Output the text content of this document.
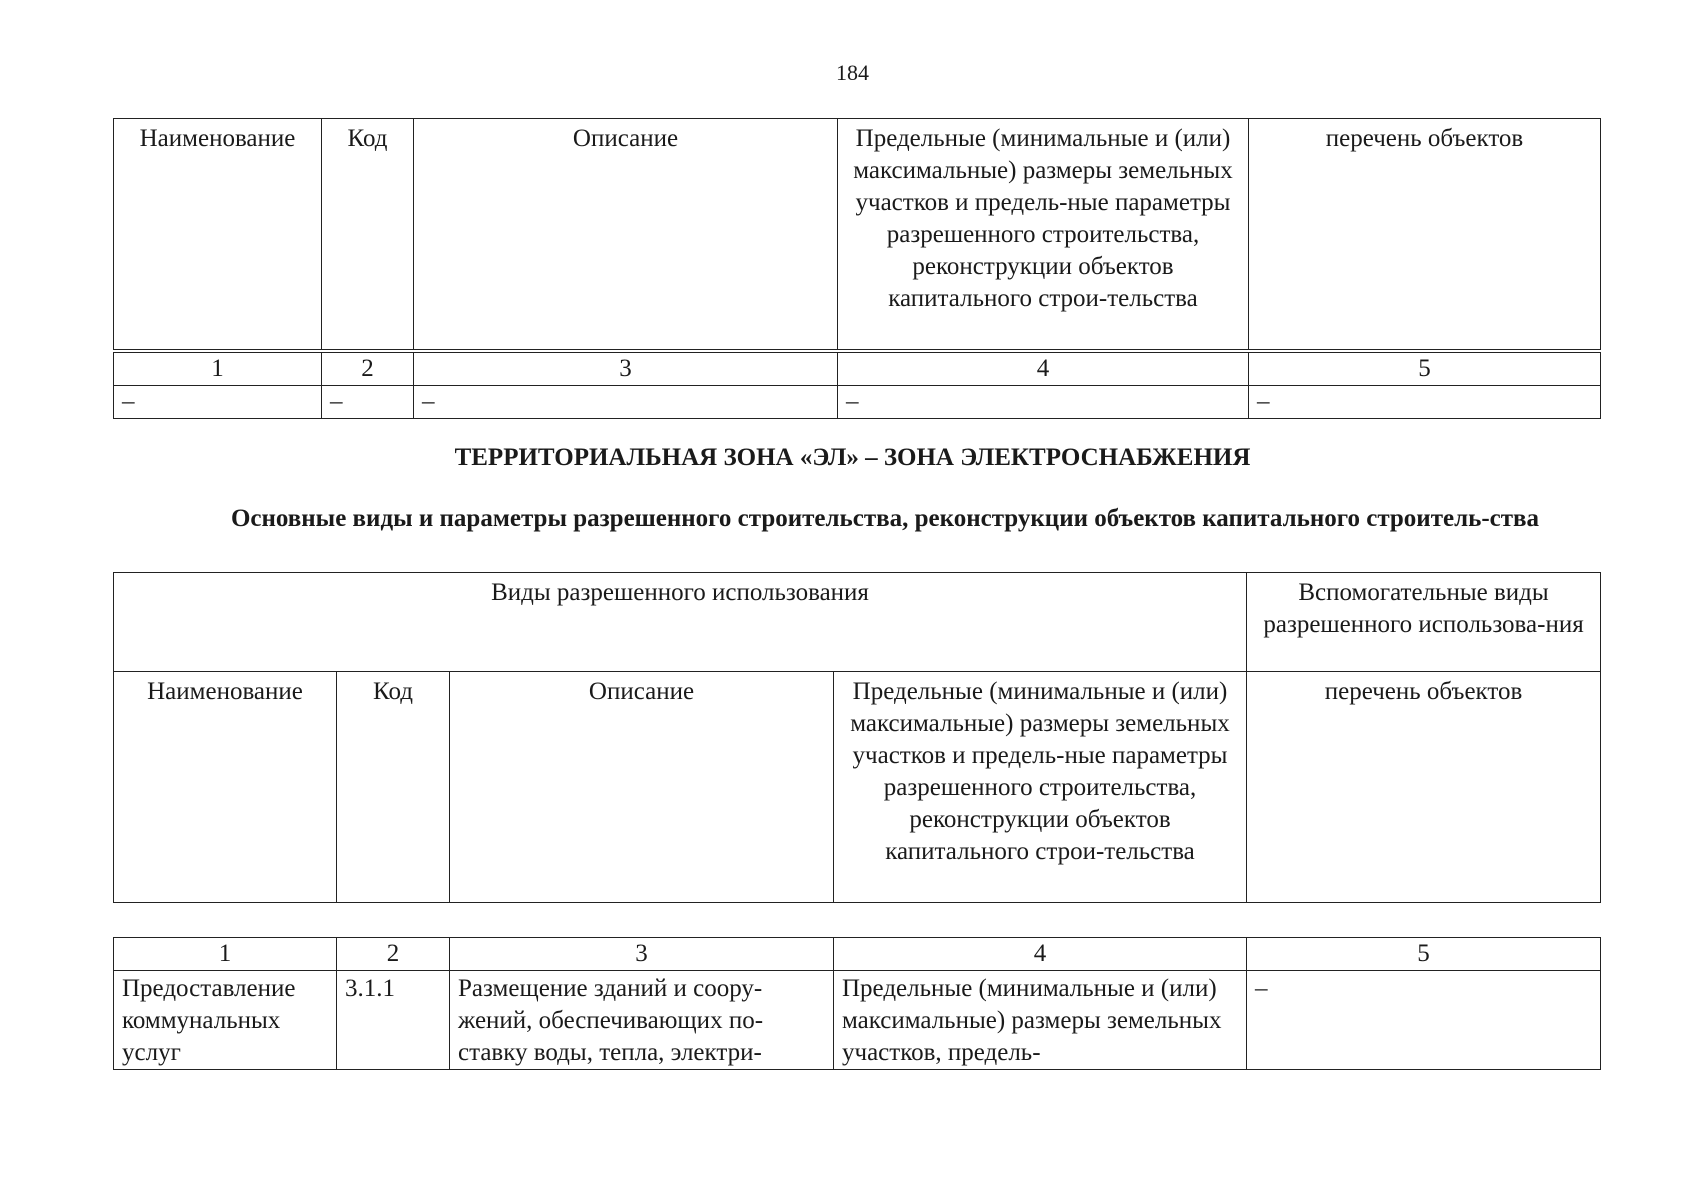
184
Наименование	Код	Описание	Предельные (минимальные и (или) максимальные) размеры земельных участков и предель-ные параметры разрешенного строительства, реконструкции объектов капитального строи-тельства	перечень объектов
1	2	3	4	5
–	–	–	–	–
ТЕРРИТОРИАЛЬНАЯ ЗОНА «ЭЛ» – ЗОНА ЭЛЕКТРОСНАБЖЕНИЯ
Основные виды и параметры разрешенного строительства, реконструкции объектов капитального строитель-ства
Виды разрешенного использования				Вспомогательные виды разрешенного использова-ния
Наименование	Код	Описание	Предельные (минимальные и (или) максимальные) размеры земельных участков и предель-ные параметры разрешенного строительства, реконструкции объектов капитального строи-тельства	перечень объектов
1	2	3	4	5
Предоставление коммунальных услуг	3.1.1	Размещение зданий и соору-жений, обеспечивающих по-ставку воды, тепла, электри-	Предельные (минимальные и (или) максимальные) размеры земельных участков, предель-	–
